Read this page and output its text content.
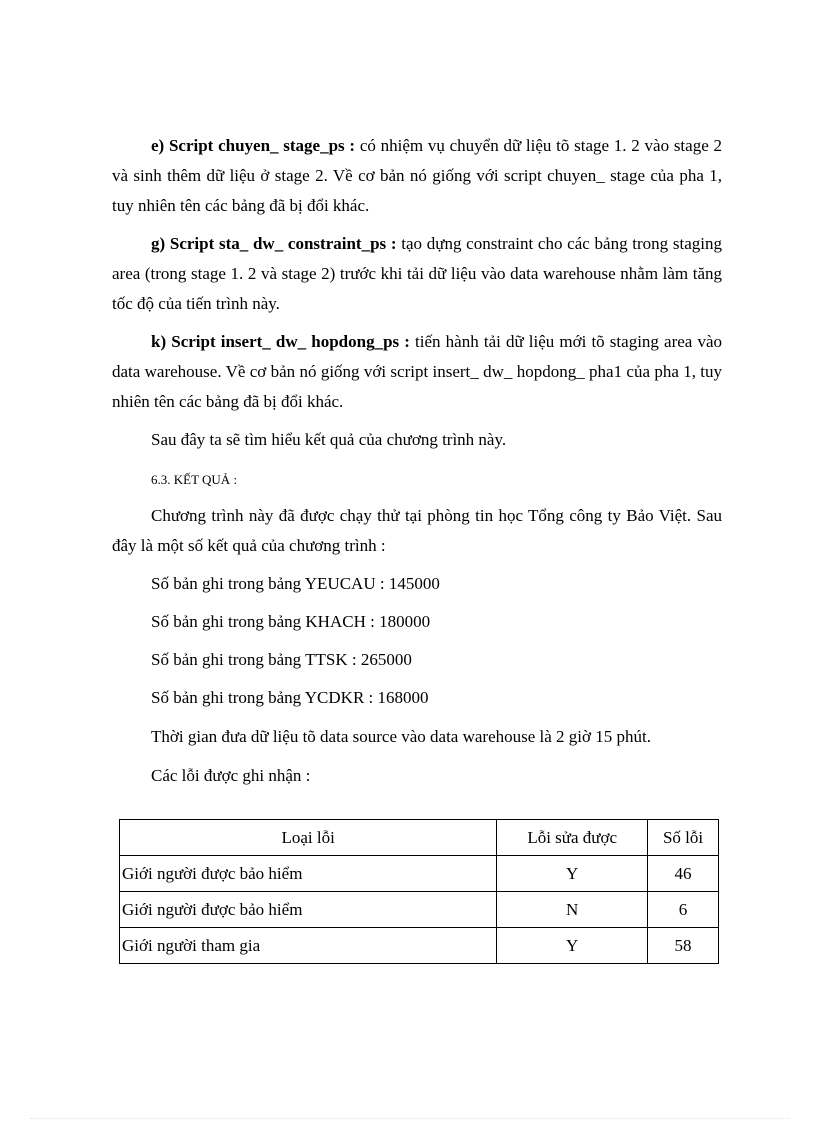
e) Script chuyen_ stage_ps : có nhiệm vụ chuyển dữ liệu tõ stage 1. 2 vào stage 2 và sinh thêm dữ liệu ở stage 2. Về cơ bản nó giống với script chuyen_ stage của pha 1, tuy nhiên tên các bảng đã bị đổi khác.

g) Script sta_ dw_ constraint_ps : tạo dựng constraint cho các bảng trong staging area (trong stage 1. 2 và stage 2) trước khi tải dữ liệu vào data warehouse nhằm làm tăng tốc độ của tiến trình này.

k) Script insert_ dw_ hopdong_ps : tiến hành tải dữ liệu mới tõ staging area vào data warehouse. Về cơ bản nó giống với script insert_ dw_ hopdong_ pha1 của pha 1, tuy nhiên tên các bảng đã bị đổi khác.

Sau đây ta sẽ tìm hiểu kết quả của chương trình này.

6.3. KẾT QUẢ :

Chương trình này đã được chạy thử tại phòng tin học Tổng công ty Bảo Việt. Sau đây là một số kết quả của chương trình :

Số bản ghi trong bảng YEUCAU : 145000

Số bản ghi trong bảng KHACH : 180000

Số bản ghi trong bảng TTSK : 265000

Số bản ghi trong bảng YCDKR : 168000

Thời gian đưa dữ liệu tõ data source vào data warehouse là 2 giờ 15 phút.

Các lỗi được ghi nhận :

Loại lỗi	Lỗi sửa được	Số lỗi
Giới người được bảo hiểm	Y	46
Giới người được bảo hiểm	N	6
Giới người tham gia	Y	58
